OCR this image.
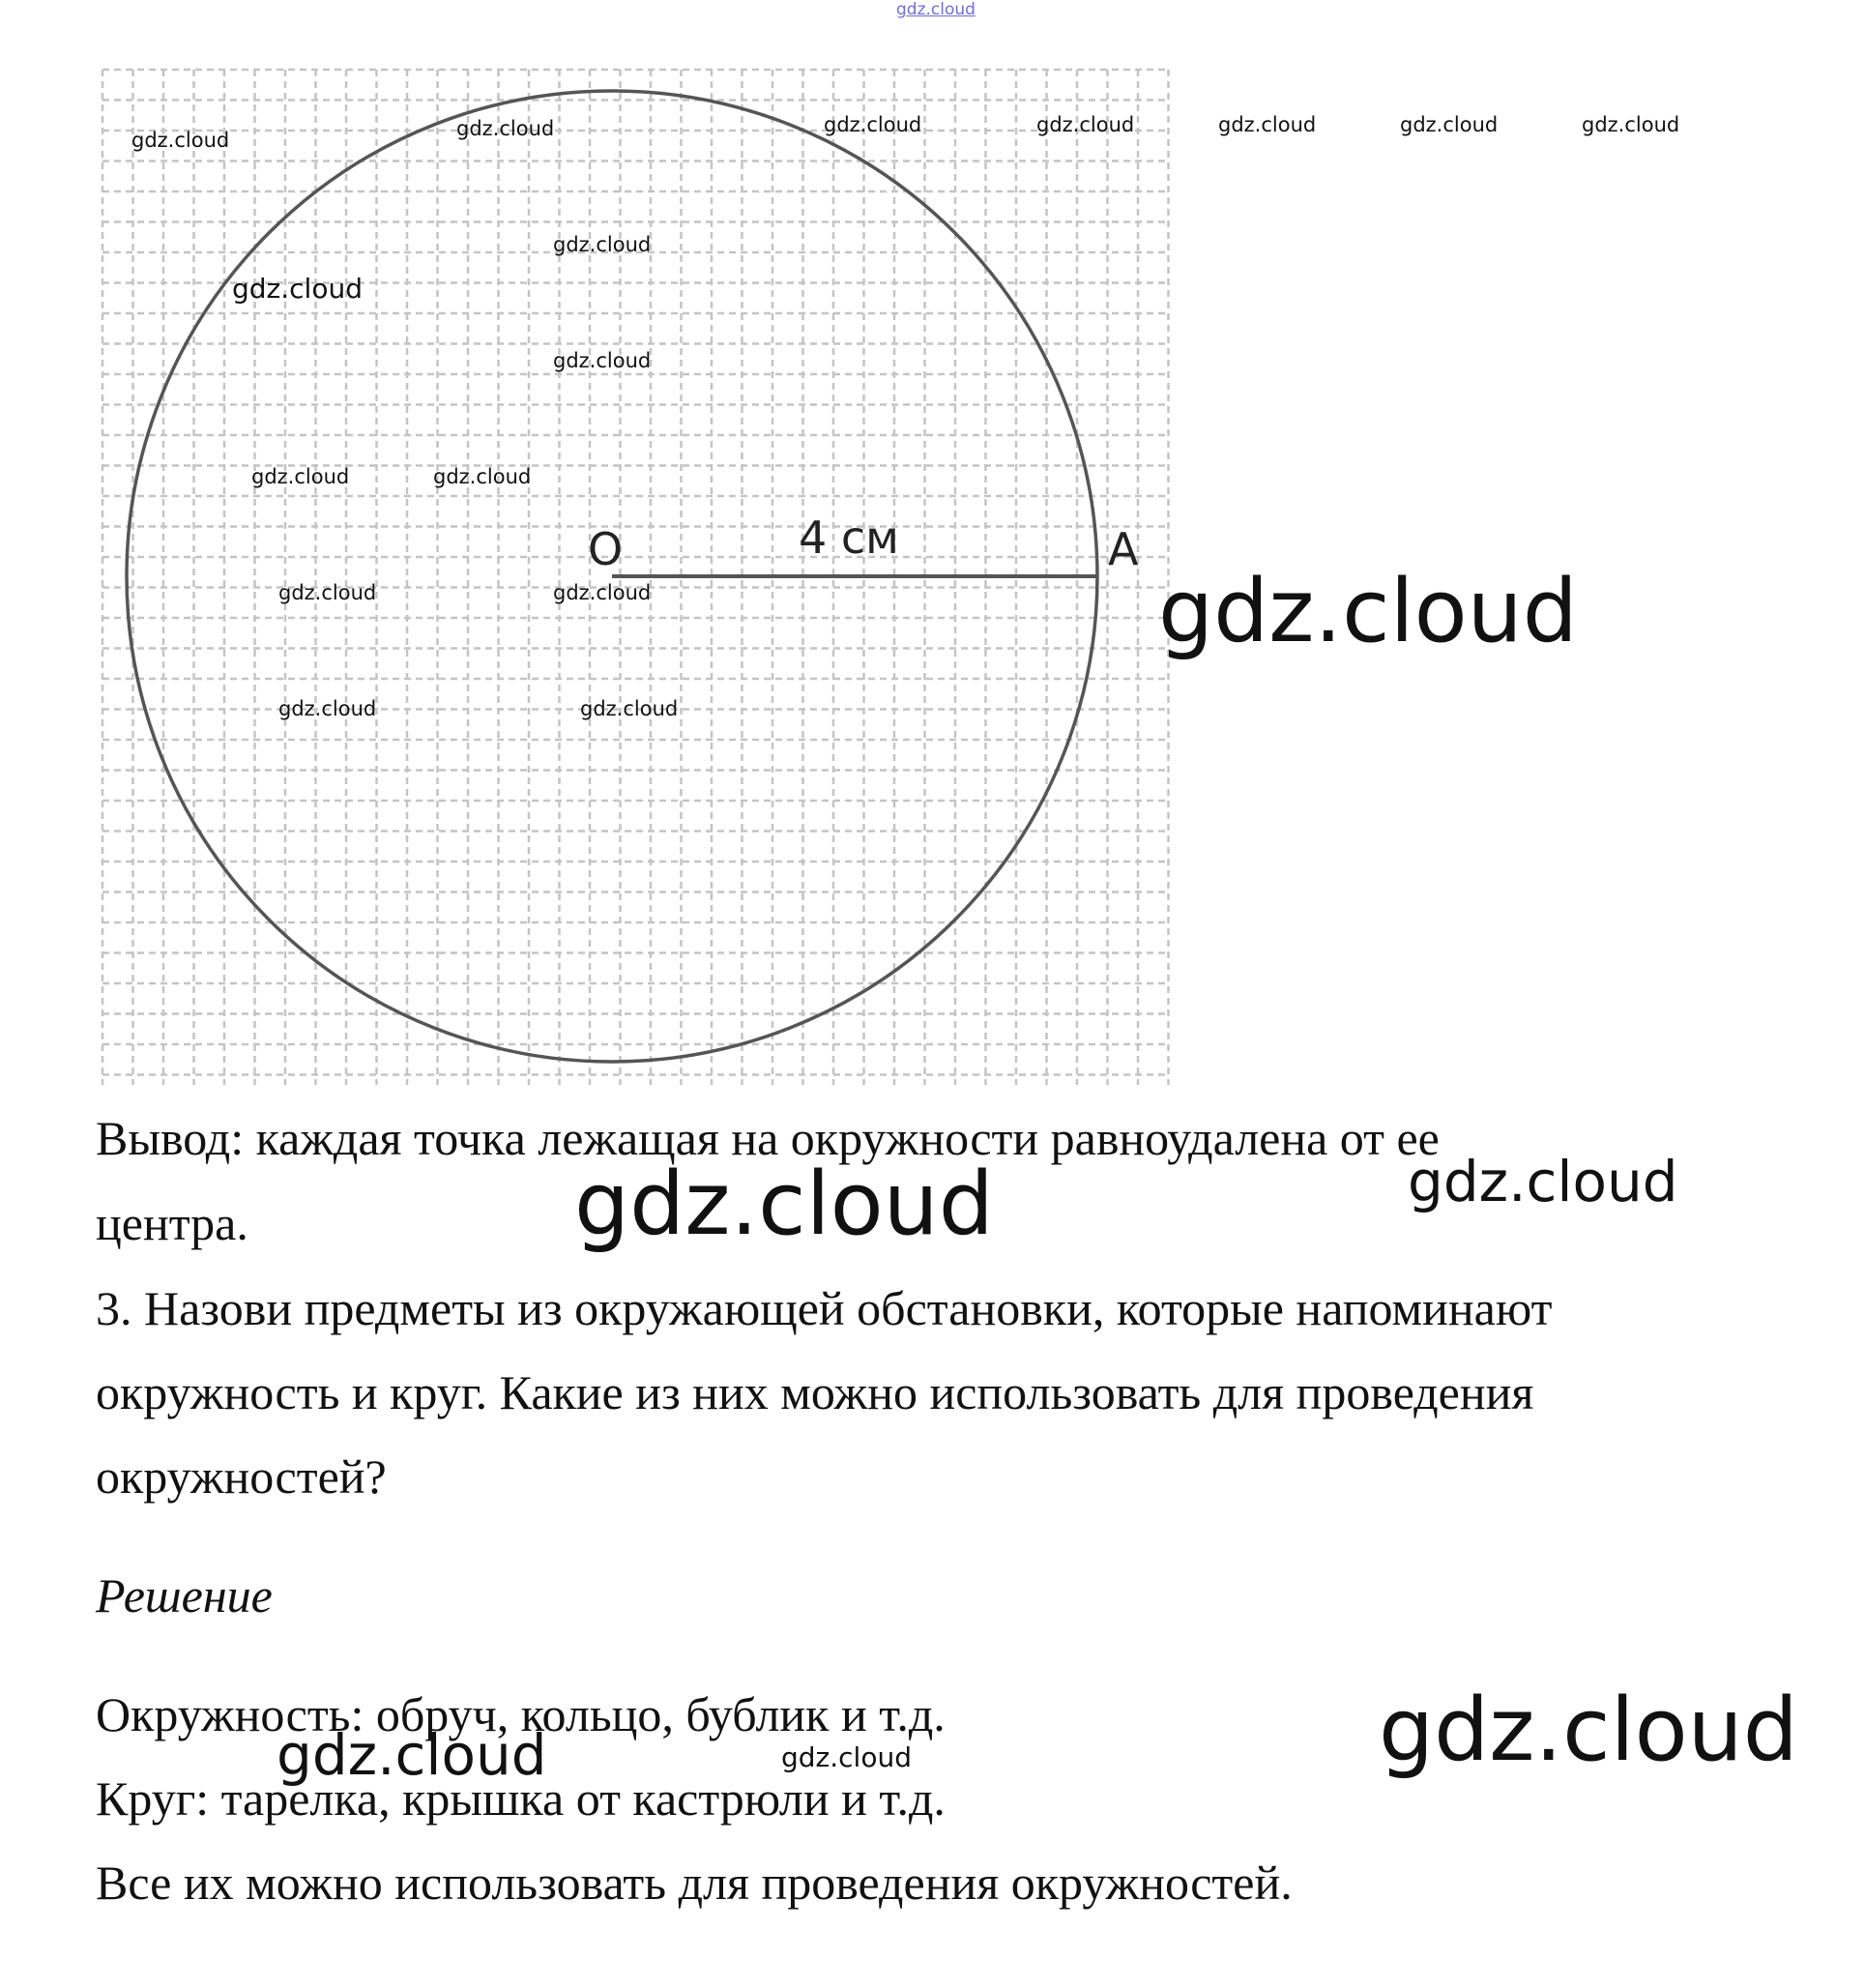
O	A
4 см
gdz.cloud
gdz.cloud	gdz.cloud	gdz.cloud	gdz.cloud	gdz.cloud	gdz.cloud	gdz.cloud
gdz.cloud
gdz.cloud
gdz.cloud
gdz.cloud	gdz.cloud
gdz.cloud	gdz.cloud
gdz.cloud	gdz.cloud
gdz.cloud
gdz.cloud	gdz.cloud
gdz.cloud
gdz.cloud	gdz.cloud
Вывод: каждая точка лежащая на окружности равноудалена от ее
центра.
3. Назови предметы из окружающей обстановки, которые напоминают
окружность и круг. Какие из них можно использовать для проведения
окружностей?
Решение
Окружность: обруч, кольцо, бублик и т.д.
Круг: тарелка, крышка от кастрюли и т.д.
Все их можно использовать для проведения окружностей.
